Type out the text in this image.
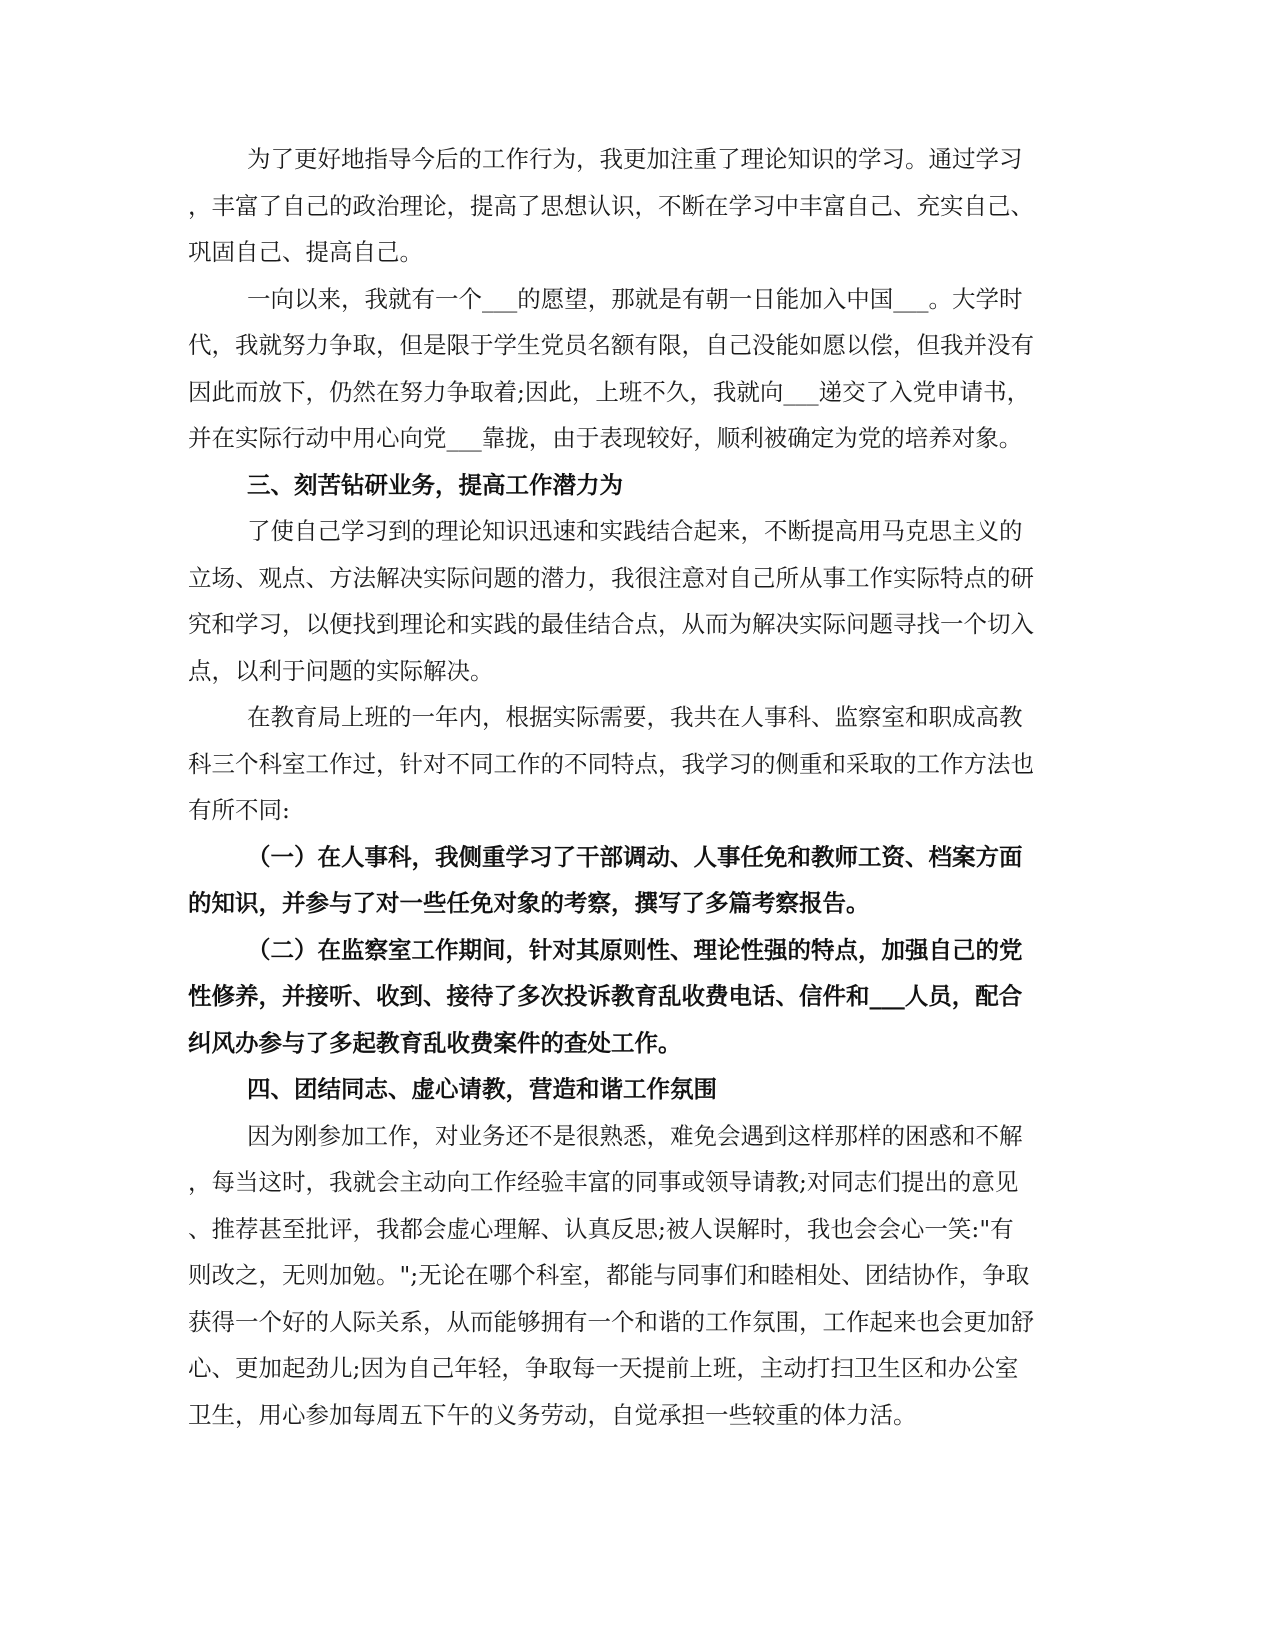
为了更好地指导今后的工作行为，我更加注重了理论知识的学习。通过学习
，丰富了自己的政治理论，提高了思想认识，不断在学习中丰富自己、充实自己、
巩固自己、提高自己。
一向以来，我就有一个___的愿望，那就是有朝一日能加入中国___。大学时
代，我就努力争取，但是限于学生党员名额有限，自己没能如愿以偿，但我并没有
因此而放下，仍然在努力争取着;因此，上班不久，我就向___递交了入党申请书，
并在实际行动中用心向党___靠拢，由于表现较好，顺利被确定为党的培养对象。
三、刻苦钻研业务，提高工作潜力为
了使自己学习到的理论知识迅速和实践结合起来，不断提高用马克思主义的
立场、观点、方法解决实际问题的潜力，我很注意对自己所从事工作实际特点的研
究和学习，以便找到理论和实践的最佳结合点，从而为解决实际问题寻找一个切入
点，以利于问题的实际解决。
在教育局上班的一年内，根据实际需要，我共在人事科、监察室和职成高教
科三个科室工作过，针对不同工作的不同特点，我学习的侧重和采取的工作方法也
有所不同:
（一）在人事科，我侧重学习了干部调动、人事任免和教师工资、档案方面
的知识，并参与了对一些任免对象的考察，撰写了多篇考察报告。
（二）在监察室工作期间，针对其原则性、理论性强的特点，加强自己的党
性修养，并接听、收到、接待了多次投诉教育乱收费电话、信件和___人员，配合
纠风办参与了多起教育乱收费案件的查处工作。
四、团结同志、虚心请教，营造和谐工作氛围
因为刚参加工作，对业务还不是很熟悉，难免会遇到这样那样的困惑和不解
，每当这时，我就会主动向工作经验丰富的同事或领导请教;对同志们提出的意见
、推荐甚至批评，我都会虚心理解、认真反思;被人误解时，我也会会心一笑:"有
则改之，无则加勉。";无论在哪个科室，都能与同事们和睦相处、团结协作，争取
获得一个好的人际关系，从而能够拥有一个和谐的工作氛围，工作起来也会更加舒
心、更加起劲儿;因为自己年轻，争取每一天提前上班，主动打扫卫生区和办公室
卫生，用心参加每周五下午的义务劳动，自觉承担一些较重的体力活。
